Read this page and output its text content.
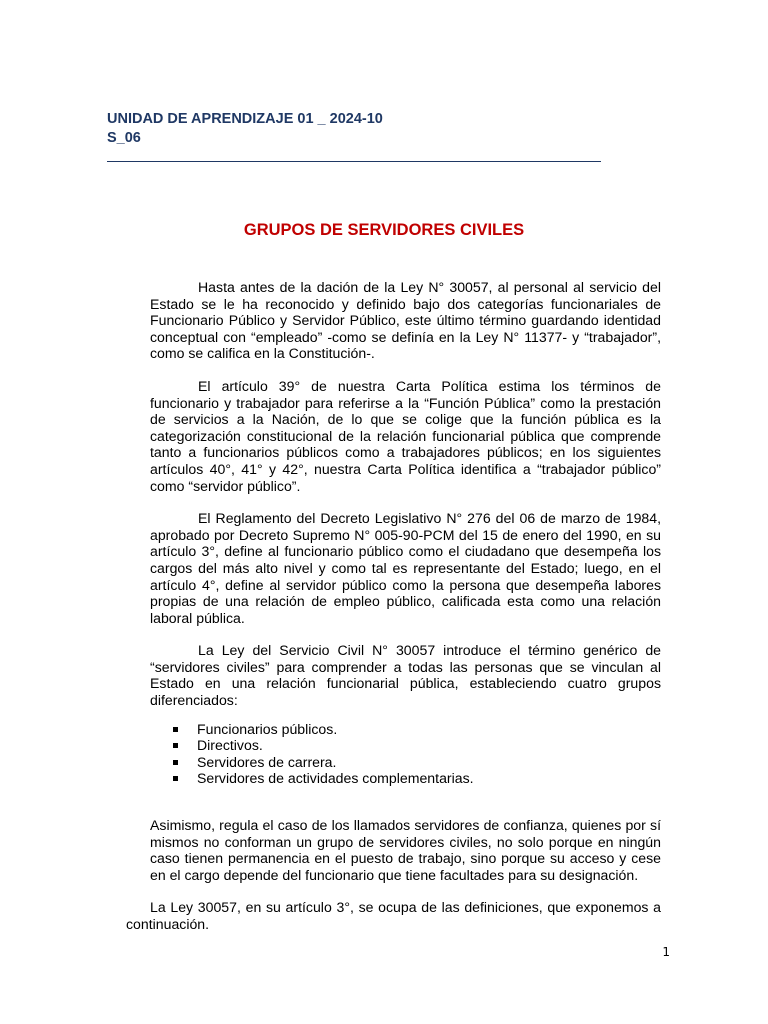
UNIDAD DE APRENDIZAJE 01 _ 2024-10
S_06
GRUPOS DE SERVIDORES CIVILES

Hasta antes de la dación de la Ley N° 30057, al personal al servicio del Estado se le ha reconocido y definido bajo dos categorías funcionariales de Funcionario Público y Servidor Público, este último término guardando identidad conceptual con “empleado” -como se definía en la Ley N° 11377- y “trabajador”, como se califica en la Constitución-.

El artículo 39° de nuestra Carta Política estima los términos de funcionario y trabajador para referirse a la “Función Pública” como la prestación de servicios a la Nación, de lo que se colige que la función pública es la categorización constitucional de la relación funcionarial pública que comprende tanto a funcionarios públicos como a trabajadores públicos; en los siguientes artículos 40°, 41° y 42°, nuestra Carta Política identifica a “trabajador público” como “servidor público”.

El Reglamento del Decreto Legislativo N° 276 del 06 de marzo de 1984, aprobado por Decreto Supremo N° 005-90-PCM del 15 de enero del 1990, en su artículo 3°, define al funcionario público como el ciudadano que desempeña los cargos del más alto nivel y como tal es representante del Estado; luego, en el artículo 4°, define al servidor público como la persona que desempeña labores propias de una relación de empleo público, calificada esta como una relación laboral pública.

La Ley del Servicio Civil N° 30057 introduce el término genérico de “servidores civiles” para comprender a todas las personas que se vinculan al Estado en una relación funcionarial pública, estableciendo cuatro grupos diferenciados:

Funcionarios públicos.
Directivos.
Servidores de carrera.
Servidores de actividades complementarias.

Asimismo, regula el caso de los llamados servidores de confianza, quienes por sí mismos no conforman un grupo de servidores civiles, no solo porque en ningún caso tienen permanencia en el puesto de trabajo, sino porque su acceso y cese en el cargo depende del funcionario que tiene facultades para su designación.

La Ley 30057, en su artículo 3°, se ocupa de las definiciones, que exponemos a continuación.

1
